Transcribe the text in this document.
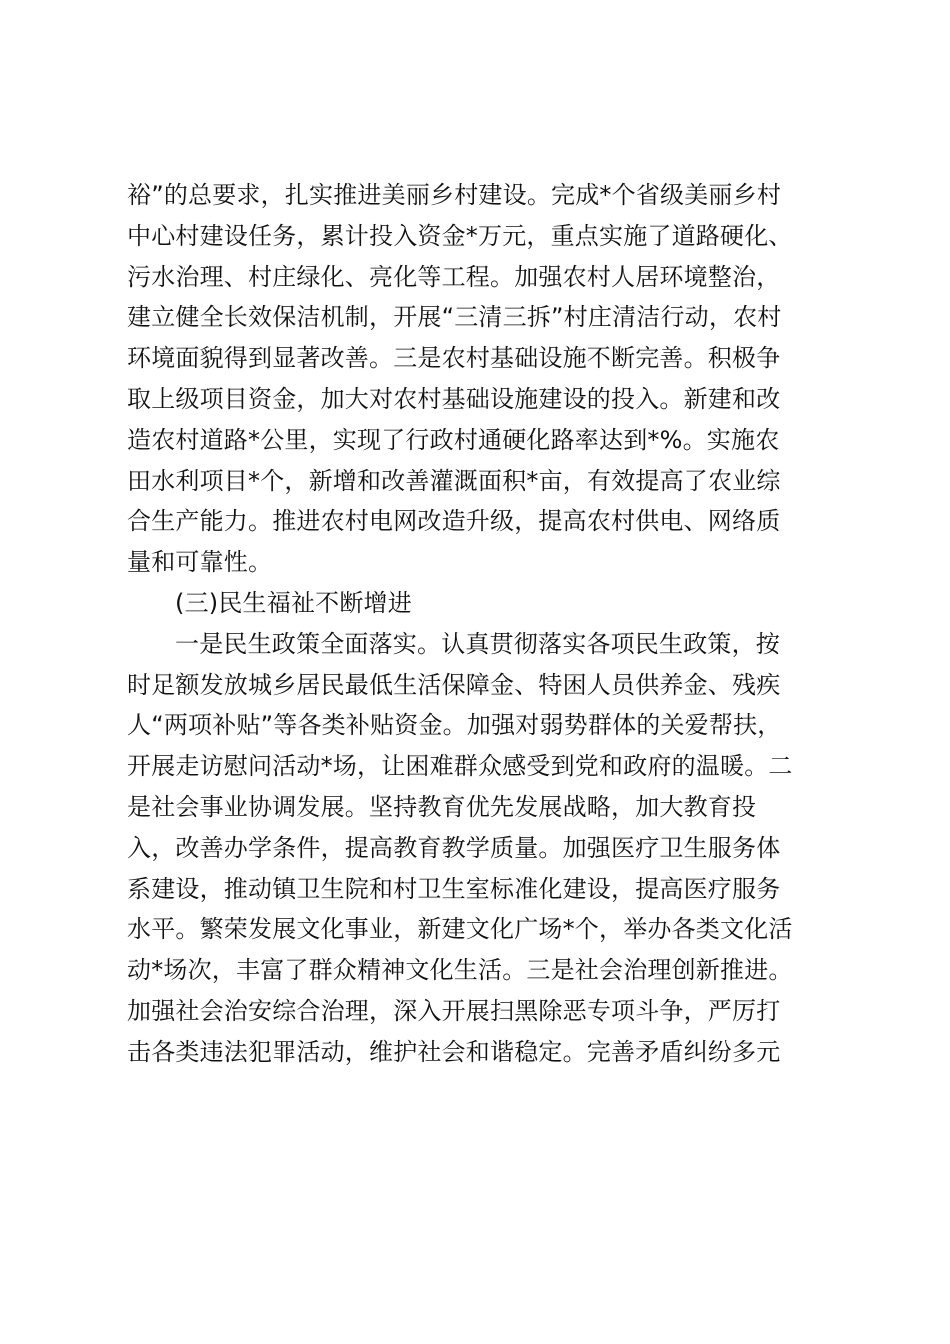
裕”的总要求，扎实推进美丽乡村建设。完成*个省级美丽乡村
中心村建设任务，累计投入资金*万元，重点实施了道路硬化、
污水治理、村庄绿化、亮化等工程。加强农村人居环境整治，
建立健全长效保洁机制，开展“三清三拆”村庄清洁行动，农村
环境面貌得到显著改善。三是农村基础设施不断完善。积极争
取上级项目资金，加大对农村基础设施建设的投入。新建和改
造农村道路*公里，实现了行政村通硬化路率达到*%。实施农
田水利项目*个，新增和改善灌溉面积*亩，有效提高了农业综
合生产能力。推进农村电网改造升级，提高农村供电、网络质
量和可靠性。
(三)民生福祉不断增进
一是民生政策全面落实。认真贯彻落实各项民生政策，按
时足额发放城乡居民最低生活保障金、特困人员供养金、残疾
人“两项补贴”等各类补贴资金。加强对弱势群体的关爱帮扶，
开展走访慰问活动*场，让困难群众感受到党和政府的温暖。二
是社会事业协调发展。坚持教育优先发展战略，加大教育投
入，改善办学条件，提高教育教学质量。加强医疗卫生服务体
系建设，推动镇卫生院和村卫生室标准化建设，提高医疗服务
水平。繁荣发展文化事业，新建文化广场*个，举办各类文化活
动*场次，丰富了群众精神文化生活。三是社会治理创新推进。
加强社会治安综合治理，深入开展扫黑除恶专项斗争，严厉打
击各类违法犯罪活动，维护社会和谐稳定。完善矛盾纠纷多元
